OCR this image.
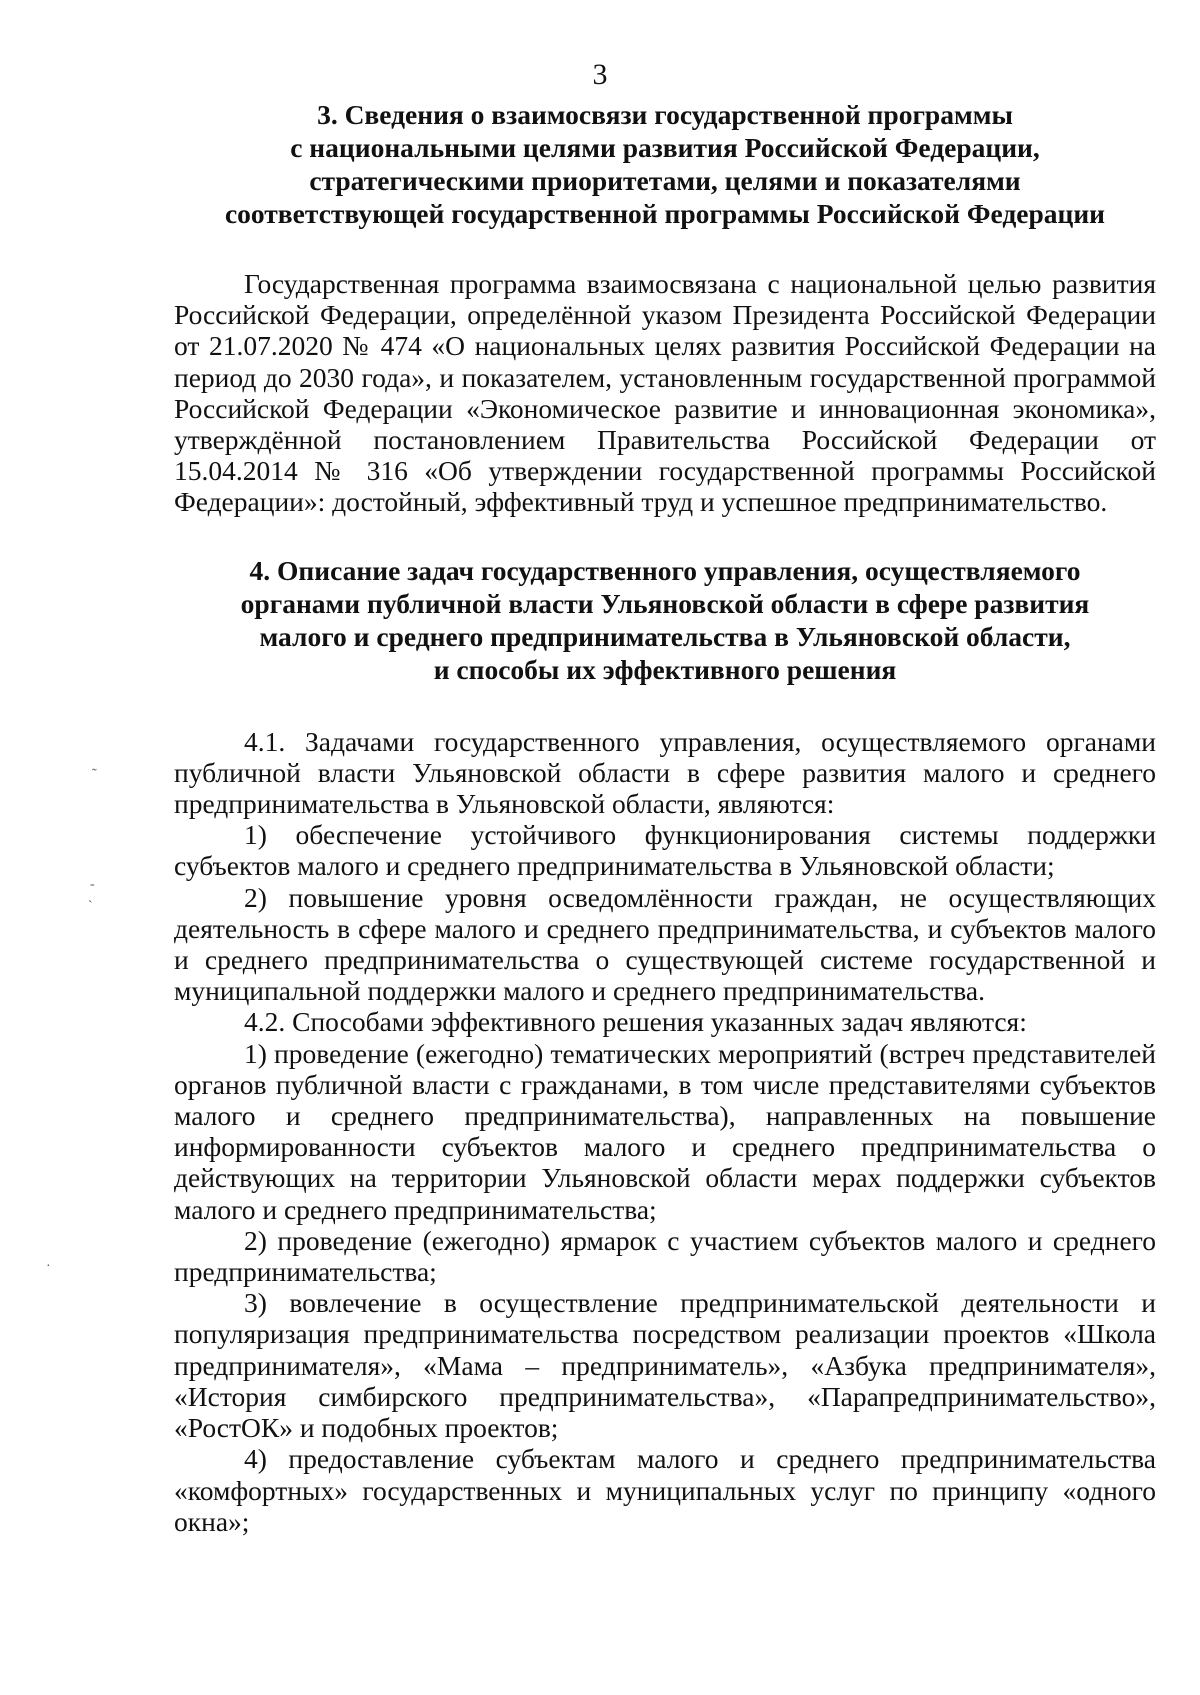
3
3. Сведения о взаимосвязи государственной программы
с национальными целями развития Российской Федерации,
стратегическими приоритетами, целями и показателями
соответствующей государственной программы Российской Федерации

Государственная программа взаимосвязана с национальной целью развития Российской Федерации, определённой указом Президента Российской Федерации от 21.07.2020 № 474 «О национальных целях развития Российской Федерации на период до 2030 года», и показателем, установленным государственной программой Российской Федерации «Экономическое развитие и инновационная экономика», утверждённой постановлением Правительства Российской Федерации от 15.04.2014 № 316 «Об утверждении государственной программы Российской Федерации»: достойный, эффективный труд и успешное предпринимательство.

4. Описание задач государственного управления, осуществляемого
органами публичной власти Ульяновской области в сфере развития
малого и среднего предпринимательства в Ульяновской области,
и способы их эффективного решения

4.1. Задачами государственного управления, осуществляемого органами публичной власти Ульяновской области в сфере развития малого и среднего предпринимательства в Ульяновской области, являются:

1) обеспечение устойчивого функционирования системы поддержки субъектов малого и среднего предпринимательства в Ульяновской области;

2) повышение уровня осведомлённости граждан, не осуществляющих деятельность в сфере малого и среднего предпринимательства, и субъектов малого и среднего предпринимательства о существующей системе государственной и муниципальной поддержки малого и среднего предпринимательства.

4.2. Способами эффективного решения указанных задач являются:

1) проведение (ежегодно) тематических мероприятий (встреч представителей органов публичной власти с гражданами, в том числе представителями субъектов малого и среднего предпринимательства), направленных на повышение информированности субъектов малого и среднего предпринимательства о действующих на территории Ульяновской области мерах поддержки субъектов малого и среднего предпринимательства;

2) проведение (ежегодно) ярмарок с участием субъектов малого и среднего предпринимательства;

3) вовлечение в осуществление предпринимательской деятельности и популяризация предпринимательства посредством реализации проектов «Школа предпринимателя», «Мама – предприниматель», «Азбука предпринимателя», «История симбирского предпринимательства», «Парапредпринимательство», «РостОК» и подобных проектов;

4) предоставление субъектам малого и среднего предпринимательства «комфортных» государственных и муниципальных услуг по принципу «одного окна»;

˜
-
ˋ
·
